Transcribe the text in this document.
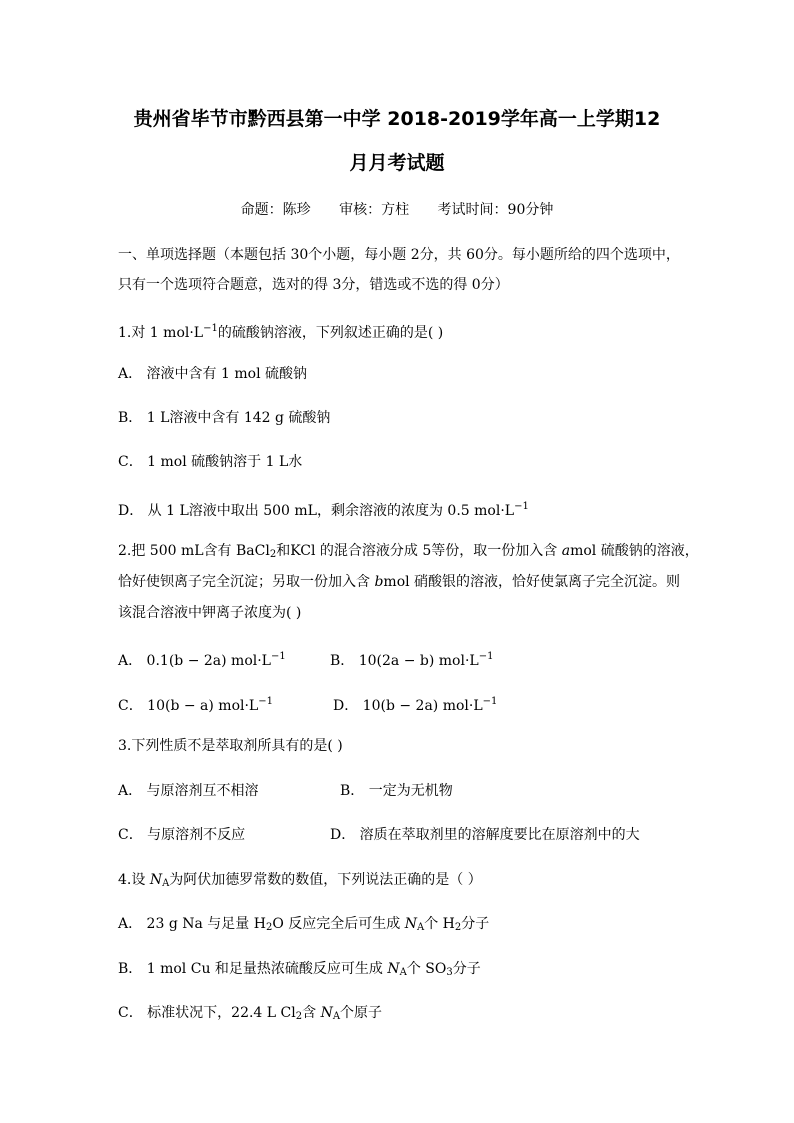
贵州省毕节市黔西县第一中学 2018-2019学年高一上学期12
月月考试题
命题：陈珍 审核：方柱 考试时间：90分钟
一、单项选择题（本题包括 30个小题，每小题 2分，共 60分。每小题所给的四个选项中，
只有一个选项符合题意，选对的得 3分，错选或不选的得 0分）
1.对 1 $mol\cdot L^{-1}$的硫酸钠溶液，下列叙述正确的是( )
A． 溶液中含有 1 mol 硫酸钠
B． 1 L溶液中含有 142 g 硫酸钠
C． 1 mol 硫酸钠溶于 1 L水
D． 从 1 L溶液中取出 500 mL，剩余溶液的浓度为 0.5 $mol\cdot L^{-1}$
2.把 500 mL含有 BaCl$_2$和KCl 的混合溶液分成 5等份，取一份加入含 amol 硫酸钠的溶液，
恰好使钡离子完全沉淀；另取一份加入含 bmol 硝酸银的溶液，恰好使氯离子完全沉淀。则
该混合溶液中钾离子浓度为( )
A． 0.1(b − 2a) $mol\cdot L^{-1}$	B． 10(2a − b) $mol\cdot L^{-1}$
C． 10(b − a) $mol\cdot L^{-1}$	D． 10(b − 2a) $mol\cdot L^{-1}$
3.下列性质不是萃取剂所具有的是( )
A． 与原溶剂互不相溶	B． 一定为无机物
C． 与原溶剂不反应	D． 溶质在萃取剂里的溶解度要比在原溶剂中的大
4.设 $N_A$为阿伏加德罗常数的数值，下列说法正确的是（ ）
A． 23 g Na 与足量 $H_2O$ 反应完全后可生成 $N_A$个 $H_2$分子
B． 1 mol Cu 和足量热浓硫酸反应可生成 $N_A$个 $SO_3$分子
C． 标准状况下，22.4 L $Cl_2$含 $N_A$个原子
